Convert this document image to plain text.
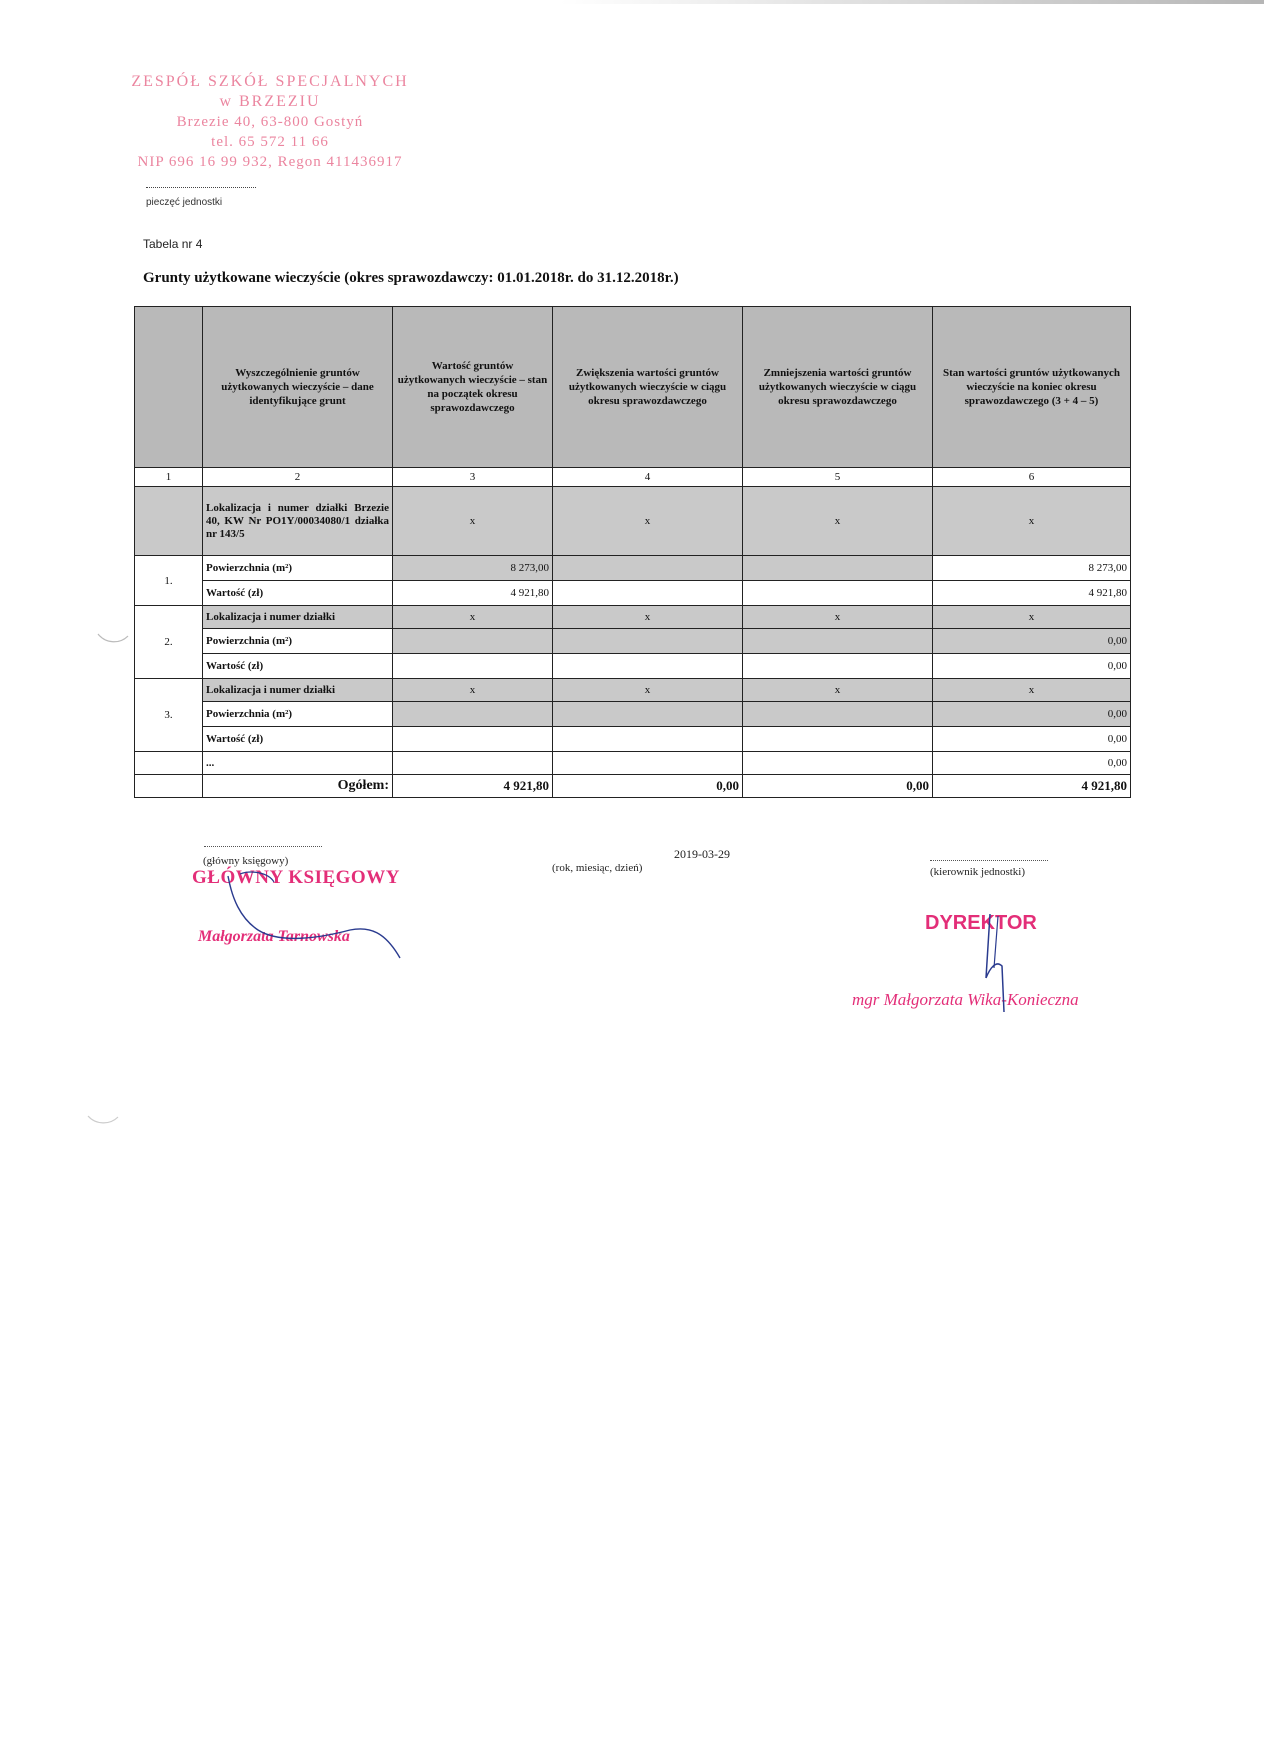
ZESPÓŁ SZKÓŁ SPECJALNYCH
w BRZEZIU
Brzezie 40, 63-800 Gostyń
tel. 65 572 11 66
NIP 696 16 99 932, Regon 411436917
pieczęć jednostki
Tabela nr 4
Grunty użytkowane wieczyście (okres sprawozdawczy: 01.01.2018r. do 31.12.2018r.)
	Wyszczególnienie gruntów użytkowanych wieczyście – dane identyfikujące grunt	Wartość gruntów użytkowanych wieczyście – stan na początek okresu sprawozdawczego	Zwiększenia wartości gruntów użytkowanych wieczyście w ciągu okresu sprawozdawczego	Zmniejszenia wartości gruntów użytkowanych wieczyście w ciągu okresu sprawozdawczego	Stan wartości gruntów użytkowanych wieczyście na koniec okresu sprawozdawczego (3 + 4 – 5)
1	2	3	4	5	6
	Lokalizacja i numer działki Brzezie 40, KW Nr PO1Y/00034080/1 działka nr 143/5	x	x	x	x
1.	Powierzchnia (m²)	8 273,00			8 273,00
	Wartość (zł)	4 921,80			4 921,80
2.	Lokalizacja i numer działki	x	x	x	x
	Powierzchnia (m²)				0,00
	Wartość (zł)				0,00
3.	Lokalizacja i numer działki	x	x	x	x
	Powierzchnia (m²)				0,00
	Wartość (zł)				0,00
	...				0,00
	Ogółem:	4 921,80	0,00	0,00	4 921,80
(główny księgowy)	2019-03-29
(rok, miesiąc, dzień)	(kierownik jednostki)
GŁÓWNY KSIĘGOWY
Małgorzata Tarnowska
DYREKTOR
mgr Małgorzata Wika-Konieczna
